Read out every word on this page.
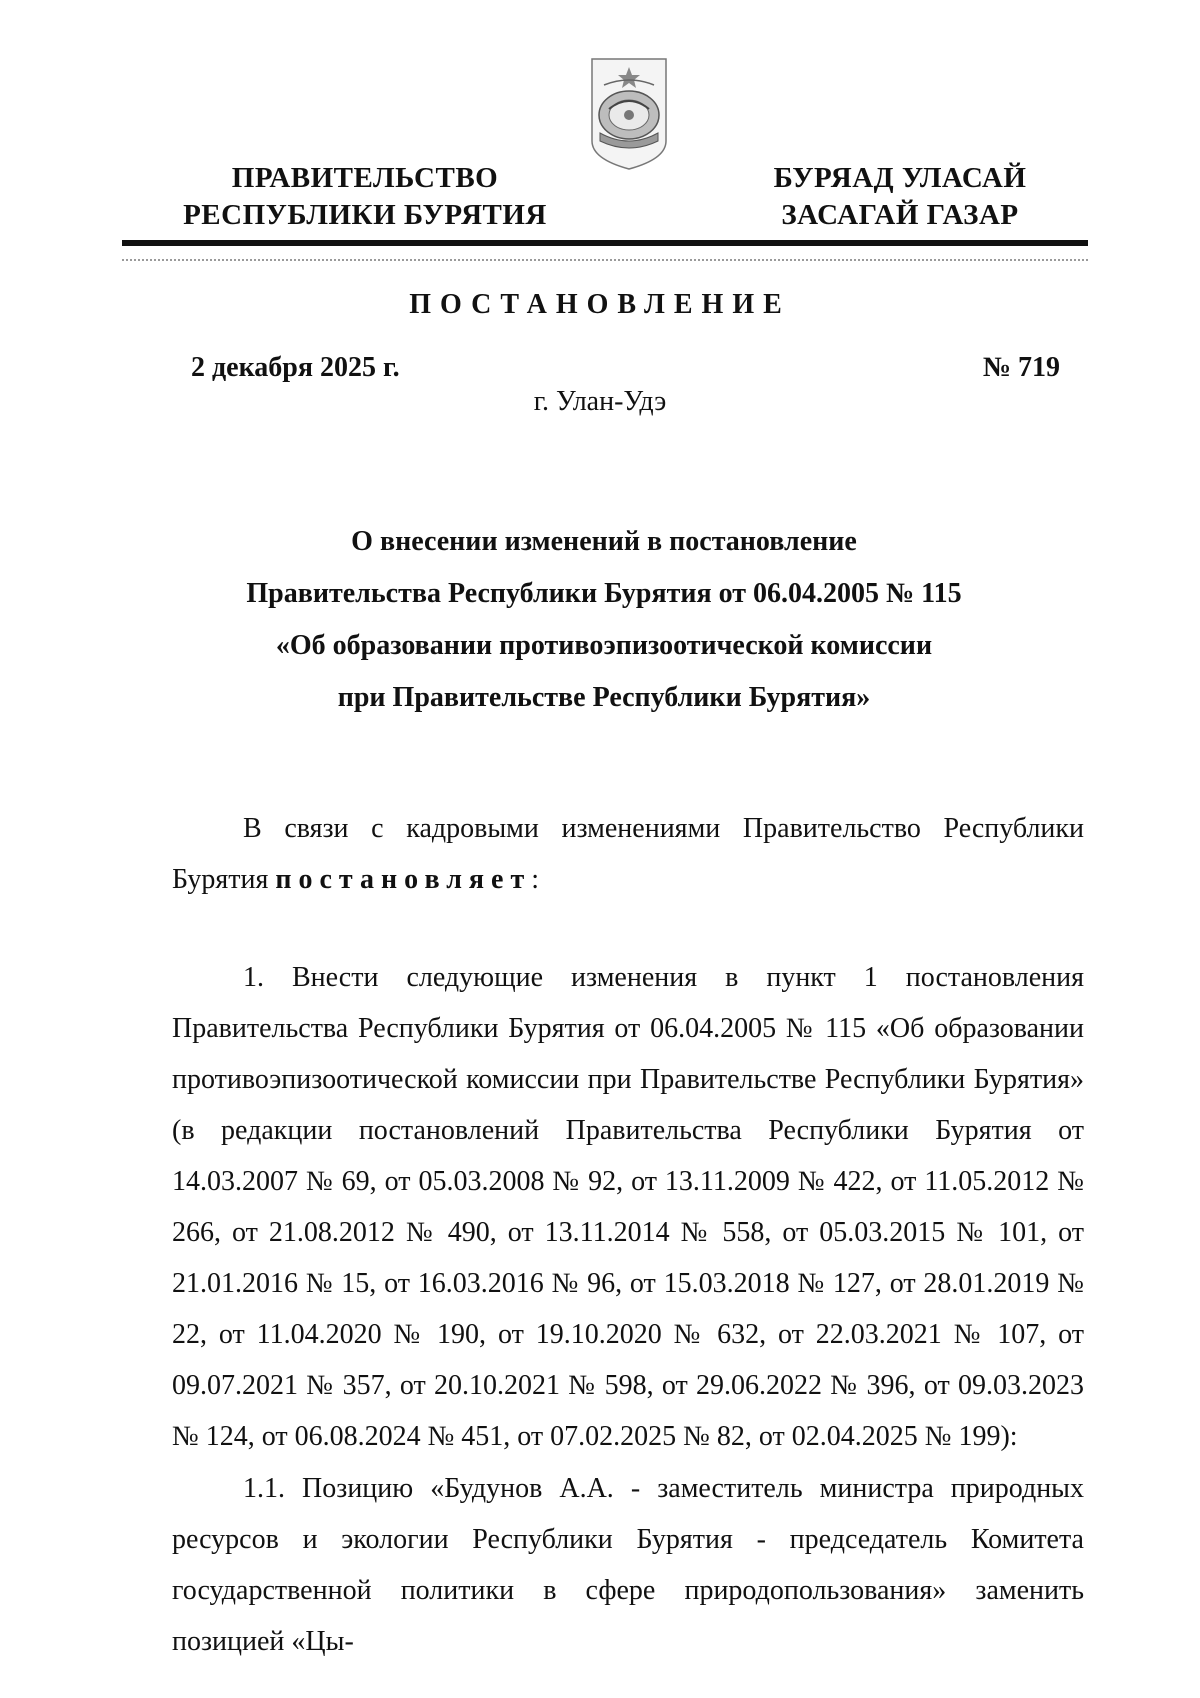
ПРАВИТЕЛЬСТВО
РЕСПУБЛИКИ БУРЯТИЯ
БУРЯАД УЛАСАЙ
ЗАСАГАЙ ГАЗАР
ПОСТАНОВЛЕНИЕ
2 декабря 2025 г.	№ 719
г. Улан-Удэ
О внесении изменений в постановление
Правительства Республики Бурятия от 06.04.2005 № 115
«Об образовании противоэпизоотической комиссии
при Правительстве Республики Бурятия»
В связи с кадровыми изменениями Правительство Республики Бурятия постановляет:
1. Внести следующие изменения в пункт 1 постановления Правительства Республики Бурятия от 06.04.2005 № 115 «Об образовании противоэпизоотической комиссии при Правительстве Республики Бурятия» (в редакции постановлений Правительства Республики Бурятия от 14.03.2007 № 69, от 05.03.2008 № 92, от 13.11.2009 № 422, от 11.05.2012 № 266, от 21.08.2012 № 490, от 13.11.2014 № 558, от 05.03.2015 № 101, от 21.01.2016 № 15, от 16.03.2016 № 96, от 15.03.2018 № 127, от 28.01.2019 № 22, от 11.04.2020 № 190, от 19.10.2020 № 632, от 22.03.2021 № 107, от 09.07.2021 № 357, от 20.10.2021 № 598, от 29.06.2022 № 396, от 09.03.2023 № 124, от 06.08.2024 № 451, от 07.02.2025 № 82, от 02.04.2025 № 199):
1.1. Позицию «Будунов А.А. - заместитель министра природных ресурсов и экологии Республики Бурятия - председатель Комитета государственной политики в сфере природопользования» заменить позицией «Цы-
